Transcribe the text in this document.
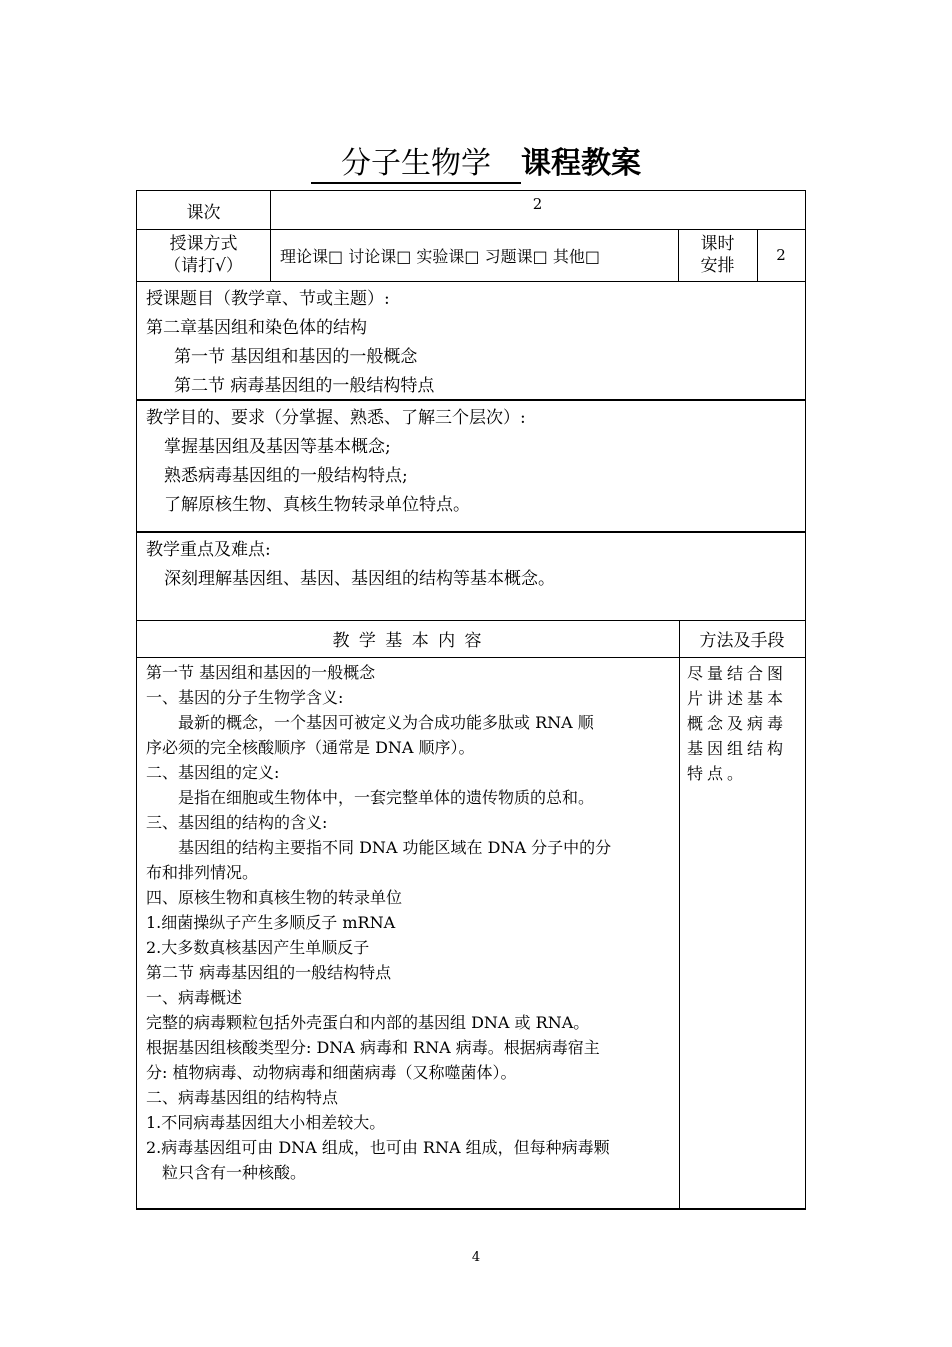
分子生物学 课程教案
课次	2
授课方式
（请打√） 理论课□ 讨论课□ 实验课□ 习题课□ 其他□
课时
安排
2
授课题目（教学章、节或主题）:
第二章基因组和染色体的结构
第一节 基因组和基因的一般概念
第二节 病毒基因组的一般结构特点
教学目的、要求（分掌握、熟悉、了解三个层次）:
掌握基因组及基因等基本概念;
熟悉病毒基因组的一般结构特点;
了解原核生物、真核生物转录单位特点。
教学重点及难点:
深刻理解基因组、基因、基因组的结构等基本概念。
教 学 基 本 内 容	方法及手段
第一节 基因组和基因的一般概念
一、基因的分子生物学含义:
　　最新的概念，一个基因可被定义为合成功能多肽或 RNA 顺
序必须的完全核酸顺序（通常是 DNA 顺序）。
二、基因组的定义:
　　是指在细胞或生物体中，一套完整单体的遗传物质的总和。
三、基因组的结构的含义:
　　基因组的结构主要指不同 DNA 功能区域在 DNA 分子中的分
布和排列情况。
四、原核生物和真核生物的转录单位
1.细菌操纵子产生多顺反子 mRNA
2.大多数真核基因产生单顺反子
第二节 病毒基因组的一般结构特点
一、病毒概述
完整的病毒颗粒包括外壳蛋白和内部的基因组 DNA 或 RNA。
根据基因组核酸类型分: DNA 病毒和 RNA 病毒。根据病毒宿主
分: 植物病毒、动物病毒和细菌病毒（又称噬菌体）。
二、病毒基因组的结构特点
1.不同病毒基因组大小相差较大。
2.病毒基因组可由 DNA 组成，也可由 RNA 组成，但每种病毒颗
　粒只含有一种核酸。
尽量结合图片讲述基本概念及病毒基因组结构特点。
4
